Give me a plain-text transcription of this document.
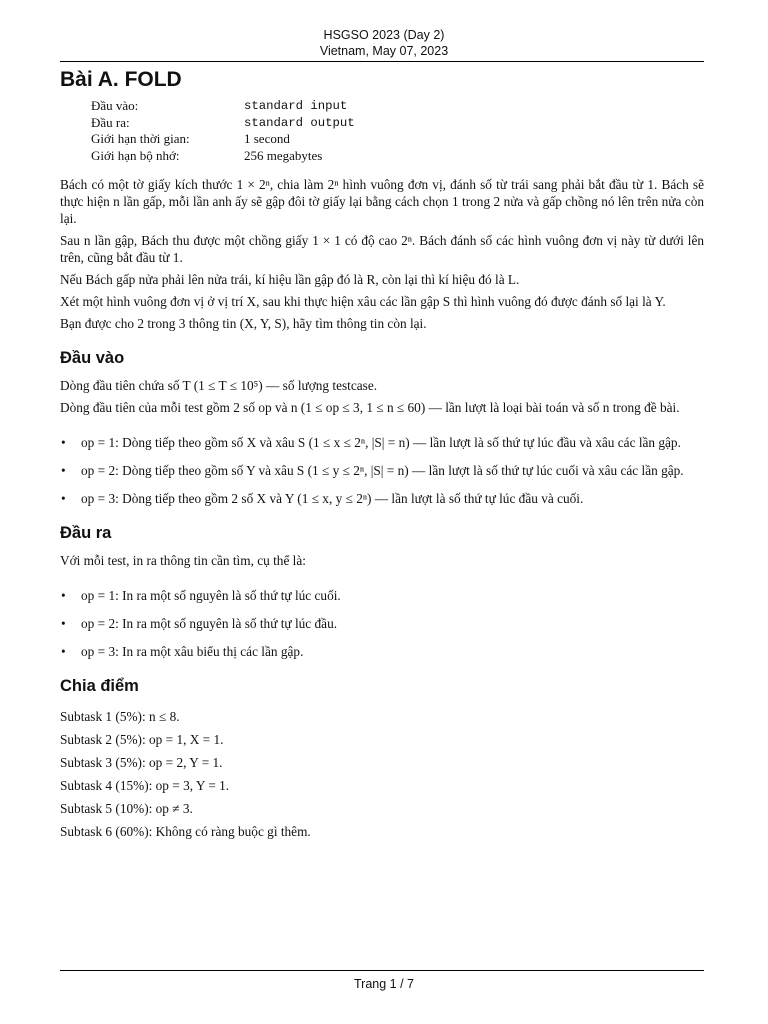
HSGSO 2023 (Day 2)
Vietnam, May 07, 2023
Bài A. FOLD
Đầu vào:	standard input
Đầu ra:	standard output
Giới hạn thời gian:	1 second
Giới hạn bộ nhớ:	256 megabytes

Bách có một tờ giấy kích thước 1 × 2ⁿ, chia làm 2ⁿ hình vuông đơn vị, đánh số từ trái sang phải bắt đầu từ 1. Bách sẽ thực hiện n lần gấp, mỗi lần anh ấy sẽ gập đôi tờ giấy lại bằng cách chọn 1 trong 2 nửa và gấp chồng nó lên trên nửa còn lại.

Sau n lần gập, Bách thu được một chồng giấy 1 × 1 có độ cao 2ⁿ. Bách đánh số các hình vuông đơn vị này từ dưới lên trên, cũng bắt đầu từ 1.

Nếu Bách gấp nửa phải lên nửa trái, kí hiệu lần gập đó là R, còn lại thì kí hiệu đó là L.

Xét một hình vuông đơn vị ở vị trí X, sau khi thực hiện xâu các lần gập S thì hình vuông đó được đánh số lại là Y.

Bạn được cho 2 trong 3 thông tin (X, Y, S), hãy tìm thông tin còn lại.

Đầu vào

Dòng đầu tiên chứa số T (1 ≤ T ≤ 10⁵) — số lượng testcase.

Dòng đầu tiên của mỗi test gồm 2 số op và n (1 ≤ op ≤ 3, 1 ≤ n ≤ 60) — lần lượt là loại bài toán và số n trong đề bài.

•	op = 1: Dòng tiếp theo gồm số X và xâu S (1 ≤ x ≤ 2ⁿ, |S| = n) — lần lượt là số thứ tự lúc đầu và xâu các lần gập.
•	op = 2: Dòng tiếp theo gồm số Y và xâu S (1 ≤ y ≤ 2ⁿ, |S| = n) — lần lượt là số thứ tự lúc cuối và xâu các lần gập.
•	op = 3: Dòng tiếp theo gồm 2 số X và Y (1 ≤ x, y ≤ 2ⁿ) — lần lượt là số thứ tự lúc đầu và cuối.
Đầu ra

Với mỗi test, in ra thông tin cần tìm, cụ thể là:

•	op = 1: In ra một số nguyên là số thứ tự lúc cuối.
•	op = 2: In ra một số nguyên là số thứ tự lúc đầu.
•	op = 3: In ra một xâu biểu thị các lần gập.
Chia điểm

Subtask 1 (5%): n ≤ 8.

Subtask 2 (5%): op = 1, X = 1.

Subtask 3 (5%): op = 2, Y = 1.

Subtask 4 (15%): op = 3, Y = 1.

Subtask 5 (10%): op ≠ 3.

Subtask 6 (60%): Không có ràng buộc gì thêm.

Trang 1 / 7
